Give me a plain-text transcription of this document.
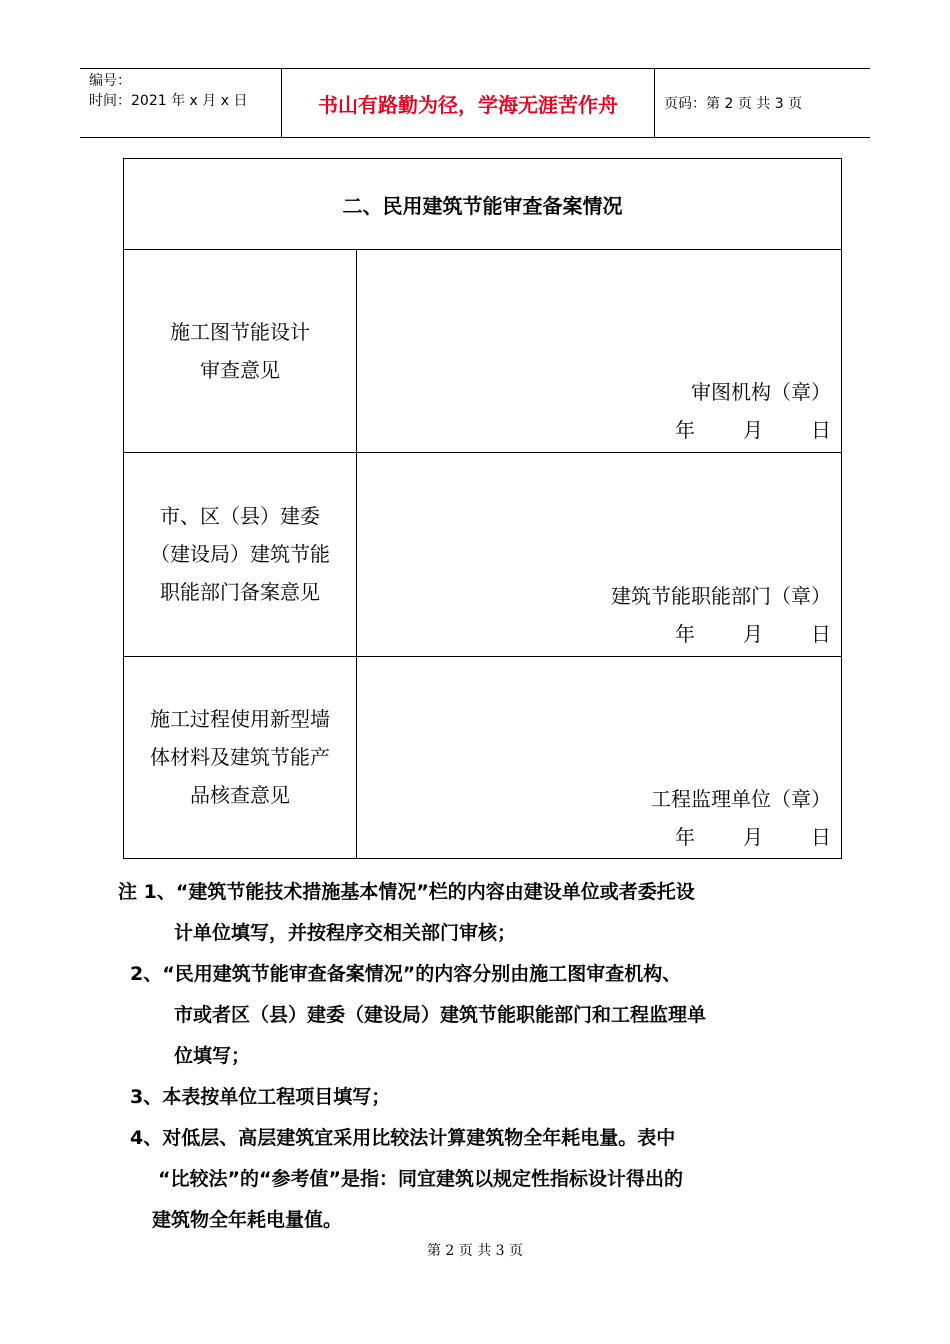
编号：
时间：2021 年 x 月 x 日	书山有路勤为径，学海无涯苦作舟	页码：第 2 页 共 3 页
二、民用建筑节能审查备案情况
施工图节能设计
审查意见
审图机构（章）
年 月 日
市、区（县）建委
（建设局）建筑节能
职能部门备案意见	建筑节能职能部门（章）
年 月 日
施工过程使用新型墙
体材料及建筑节能产
品核查意见	工程监理单位（章）
年 月 日
注 1、“建筑节能技术措施基本情况”栏的内容由建设单位或者委托设
计单位填写，并按程序交相关部门审核；
2、“民用建筑节能审查备案情况”的内容分别由施工图审查机构、
市或者区（县）建委（建设局）建筑节能职能部门和工程监理单
位填写；
3、本表按单位工程项目填写；
4、对低层、高层建筑宜采用比较法计算建筑物全年耗电量。表中
“比较法”的“参考值”是指：同宜建筑以规定性指标设计得出的
建筑物全年耗电量值。
第 2 页 共 3 页
